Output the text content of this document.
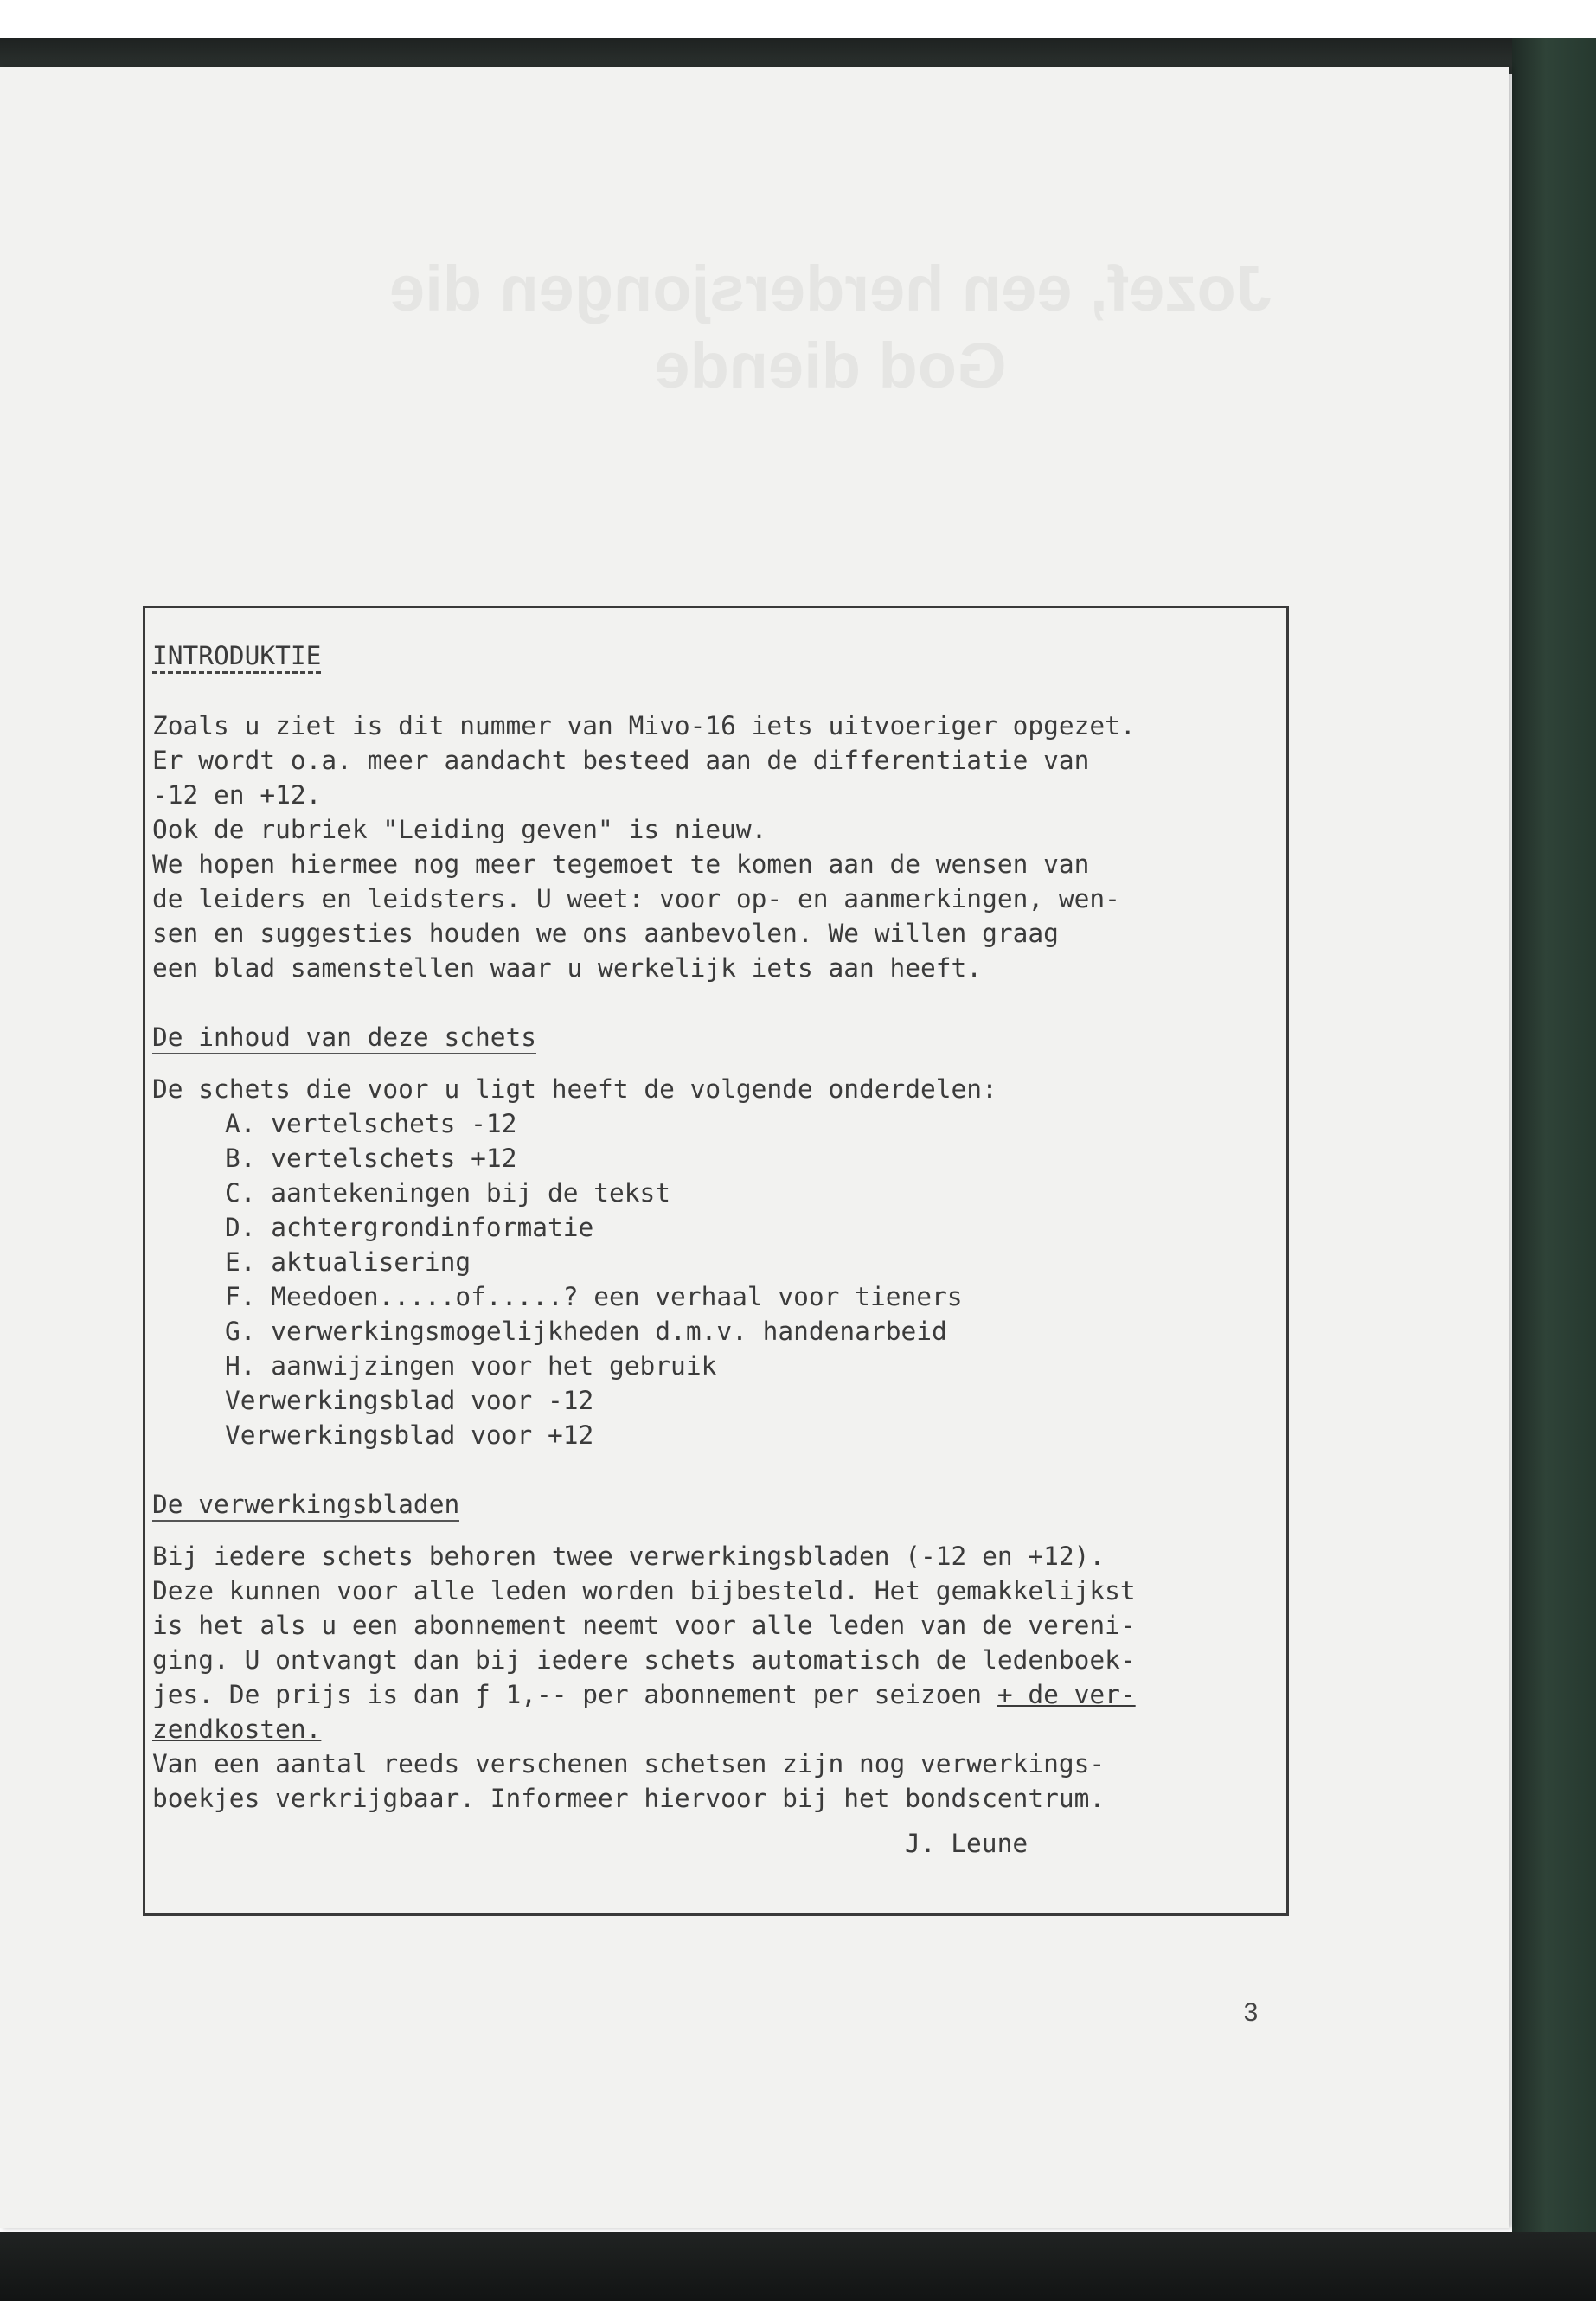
Jozef, een herdersjongen die
God diende
INTRODUKTIE
Zoals u ziet is dit nummer van Mivo-16 iets uitvoeriger opgezet.
Er wordt o.a. meer aandacht besteed aan de differentiatie van
-12 en +12.
Ook de rubriek "Leiding geven" is nieuw.
We hopen hiermee nog meer tegemoet te komen aan de wensen van
de leiders en leidsters. U weet: voor op- en aanmerkingen, wen-
sen en suggesties houden we ons aanbevolen. We willen graag
een blad samenstellen waar u werkelijk iets aan heeft.
De inhoud van deze schets
De schets die voor u ligt heeft de volgende onderdelen:
A. vertelschets -12
B. vertelschets +12
C. aantekeningen bij de tekst
D. achtergrondinformatie
E. aktualisering
F. Meedoen.....of.....? een verhaal voor tieners
G. verwerkingsmogelijkheden d.m.v. handenarbeid
H. aanwijzingen voor het gebruik
Verwerkingsblad voor -12
Verwerkingsblad voor +12
De verwerkingsbladen
Bij iedere schets behoren twee verwerkingsbladen (-12 en +12).
Deze kunnen voor alle leden worden bijbesteld. Het gemakkelijkst
is het als u een abonnement neemt voor alle leden van de vereni-
ging. U ontvangt dan bij iedere schets automatisch de ledenboek-
jes. De prijs is dan ƒ 1,-- per abonnement per seizoen + de ver-
zendkosten.
Van een aantal reeds verschenen schetsen zijn nog verwerkings-
boekjes verkrijgbaar. Informeer hiervoor bij het bondscentrum.
J. Leune
3
